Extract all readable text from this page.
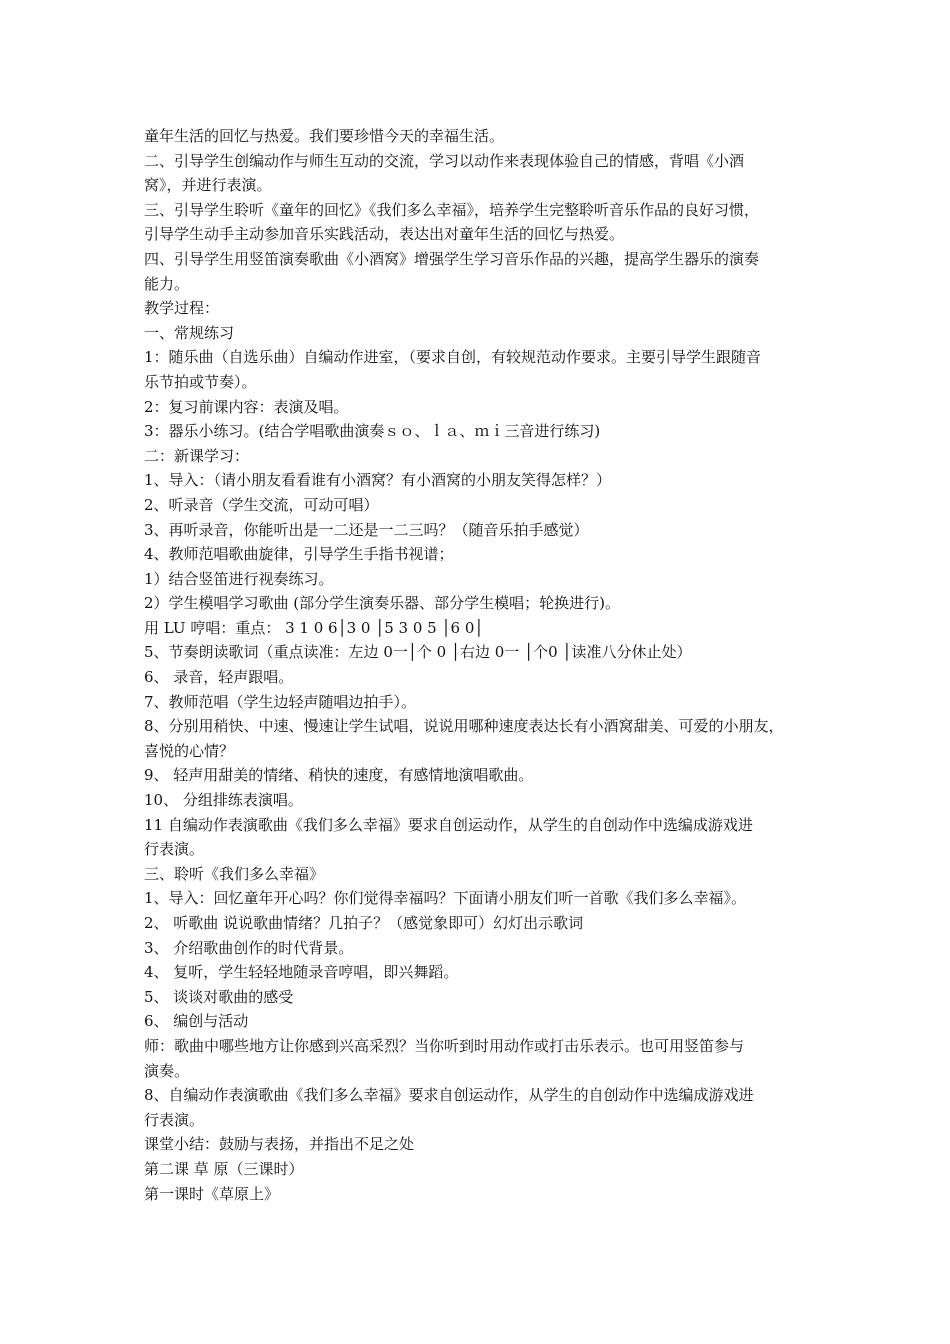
童年生活的回忆与热爱。我们要珍惜今天的幸福生活。
二、引导学生创编动作与师生互动的交流，学习以动作来表现体验自己的情感，背唱《小酒
窝》，并进行表演。
三、引导学生聆听《童年的回忆》《我们多么幸福》，培养学生完整聆听音乐作品的良好习惯，
引导学生动手主动参加音乐实践活动，表达出对童年生活的回忆与热爱。
四、引导学生用竖笛演奏歌曲《小酒窝》增强学生学习音乐作品的兴趣，提高学生器乐的演奏
能力。
教学过程：
一、常规练习
1：随乐曲（自选乐曲）自编动作进室，（要求自创，有较规范动作要求。主要引导学生跟随音
乐节拍或节奏）。
2：复习前课内容：表演及唱。
3：器乐小练习。(结合学唱歌曲演奏ｓｏ、ｌａ、ｍｉ三音进行练习)
二：新课学习：
1、导入：（请小朋友看看谁有小酒窝？有小酒窝的小朋友笑得怎样？）
2、听录音（学生交流，可动可唱）
3、再听录音，你能听出是一二还是一二三吗？（随音乐拍手感觉）
4、教师范唱歌曲旋律，引导学生手指书视谱；
1）结合竖笛进行视奏练习。
2）学生模唱学习歌曲 (部分学生演奏乐器、部分学生模唱；轮换进行)。
用 LU 哼唱：重点： 3 1 0 6│3 0 │5 3 0 5 │6 0│
5、节奏朗读歌词（重点读准：左边 0一│个 0 │右边 0一 │个0 │读准八分休止处）
6、 录音，轻声跟唱。
7、教师范唱（学生边轻声随唱边拍手）。
8、分别用稍快、中速、慢速让学生试唱，说说用哪种速度表达长有小酒窝甜美、可爱的小朋友，
喜悦的心情？
9、 轻声用甜美的情绪、稍快的速度，有感情地演唱歌曲。
10、 分组排练表演唱。
11 自编动作表演歌曲《我们多么幸福》要求自创运动作，从学生的自创动作中选编成游戏进
行表演。
三、聆听《我们多么幸福》
1、导入：回忆童年开心吗？你们觉得幸福吗？下面请小朋友们听一首歌《我们多么幸福》。
2、 听歌曲 说说歌曲情绪？几拍子？（感觉象即可）幻灯出示歌词
3、 介绍歌曲创作的时代背景。
4、 复听，学生轻轻地随录音哼唱，即兴舞蹈。
5、 谈谈对歌曲的感受
6、 编创与活动
师：歌曲中哪些地方让你感到兴高采烈？当你听到时用动作或打击乐表示。也可用竖笛参与
演奏。
8、自编动作表演歌曲《我们多么幸福》要求自创运动作，从学生的自创动作中选编成游戏进
行表演。
课堂小结：鼓励与表扬，并指出不足之处
第二课 草 原（三课时）
第一课时《草原上》
